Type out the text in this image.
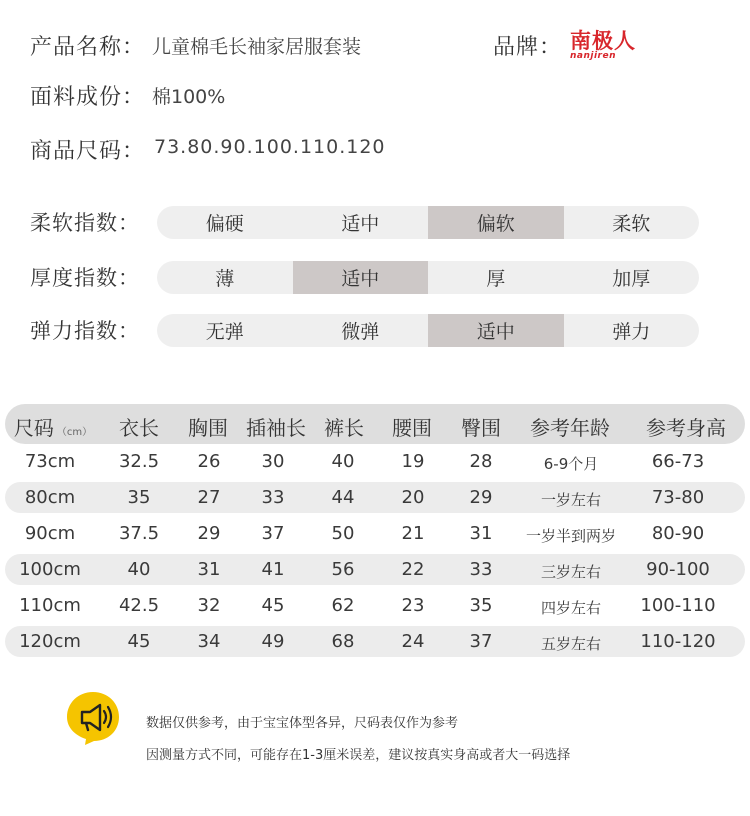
产品名称： 儿童棉毛长袖家居服套装	品牌： 南极人
nanjiren
面料成份： 棉100%
商品尺码： 73.80.90.100.110.120
柔软指数：	偏硬	适中	偏软	柔软
厚度指数：	薄	适中	厚	加厚
弹力指数：	无弹	微弹	适中	弹力
尺码 （cm） 衣长 胸围 插袖长 裤长 腰围 臀围 参考年龄 参考身高
73cm 32.5 26 30	40	19	28	6-9个月	66-73
80cm	35	27 33	44	20	29	一岁左右	73-80
90cm 37.5 29 37	50	21	31 一岁半到两岁 80-90
100cm	40	31 41	56	22	33	三岁左右	90-100
110cm 42.5 32 45	62	23	35	四岁左右 100-110
120cm	45	34 49	68	24	37	五岁左右 110-120
数据仅供参考，由于宝宝体型各异，尺码表仅作为参考
因测量方式不同，可能存在1-3厘米误差，建议按真实身高或者大一码选择
